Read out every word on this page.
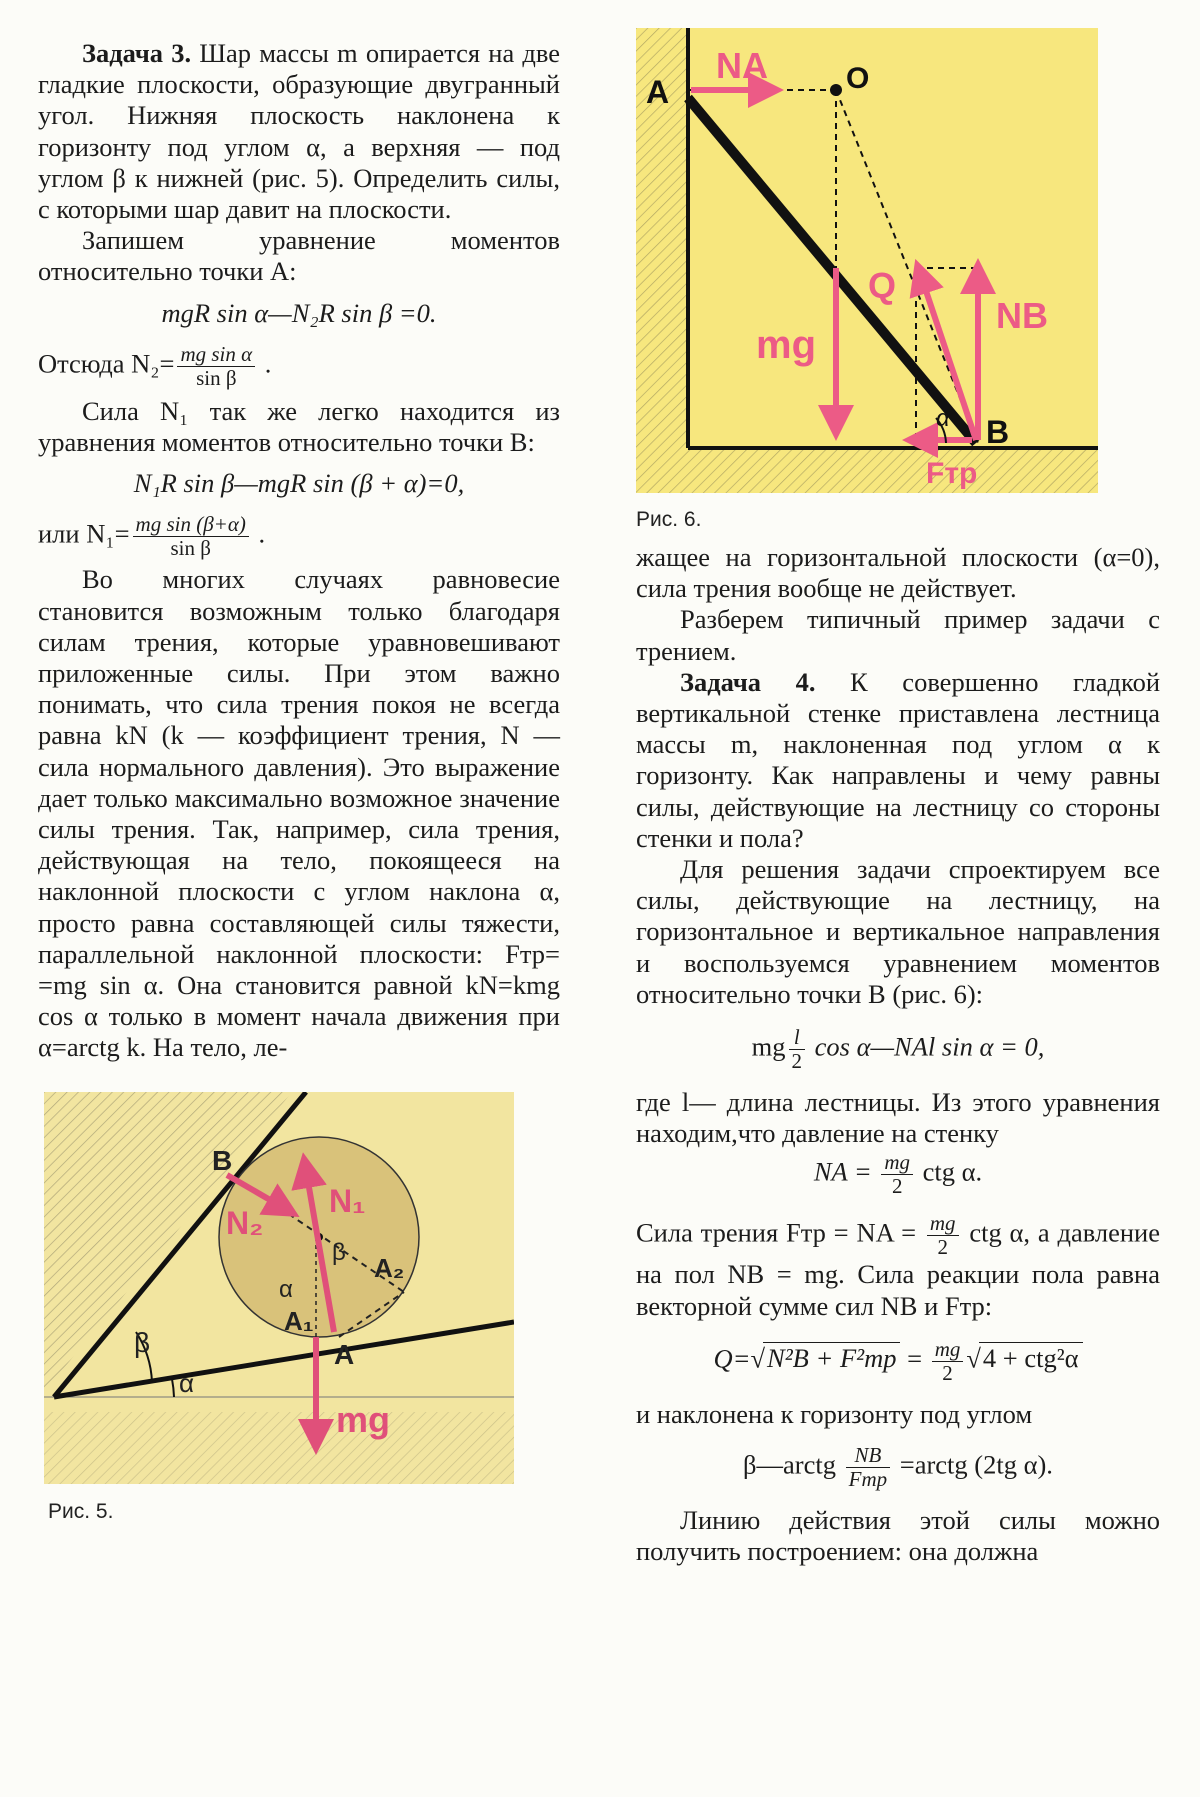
Задача 3. Шар массы m опирается на две гладкие плоскости, образующие двугранный угол. Нижняя плоскость наклонена к горизонту под углом α, а верхняя — под углом β к нижней (рис. 5). Определить силы, с которыми шар давит на плоскости.

Запишем уравнение моментов относительно точки A:

mgR sin α—N₂R sin β =0.

Отсюда $N_2= \frac{\text{mg sin α}}{\text{sin β}}$ .

Сила N₁ так же легко находится из уравнения моментов относительно точки B:

N₁R sin β—mgR sin (β + α)=0,

или $N_1= \frac{\text{mg sin (β+α)}}{\text{sin β}}$ .

Во многих случаях равновесие становится возможным только благодаря силам трения, которые уравновешивают приложенные силы. При этом важно понимать, что сила трения покоя не всегда равна kN (k — коэффициент трения, N — сила нормального давления). Это выражение дает только максимально возможное значение силы трения. Так, например, сила трения, действующая на тело, покоящееся на наклонной плоскости с углом наклона α, просто равна составляющей силы тяжести, параллельной наклонной плоскости: Fтр= =mg sin α. Она становится равной kN=kmg cos α только в момент начала движения при α=arctg k. На тело, ле-

B
N₂
N₁
β
A₂
α
A₁
A
β
α
mg
Рис. 5.
NA
A	O
Q
NB
mg
α B
Fтр
Рис. 6.

жащее на горизонтальной плоскости (α=0), сила трения вообще не действует.

Разберем типичный пример задачи с трением.

Задача 4. К совершенно гладкой вертикальной стенке приставлена лестница массы m, наклоненная под углом α к горизонту. Как направлены и чему равны силы, действующие на лестницу со стороны стенки и пола?

Для решения задачи спроектируем все силы, действующие на лестницу, на горизонтальное и вертикальное направления и воспользуемся уравнением моментов относительно точки B (рис. 6):

mg $\frac{l}{2}$ cos α—NAl sin α = 0,

где l— длина лестницы. Из этого уравнения находим,что давление на стенку

NA = $\frac{mg}{2}$ ctg α.

Сила трения Fтр = NA = $\frac{mg}{2}$ ctg α, а давление на пол NB = mg. Сила реакции пола равна векторной сумме сил NB и Fтр:

$Q=√N^2B + F^2тр = \frac{mg}{2} √4 + ctg^2\alpha$

и наклонена к горизонту под углом

β—arctg $\frac{NB}{\text{Fтр}}$ =arctg (2tg α).

Линию действия этой силы можно получить построением: она должна
